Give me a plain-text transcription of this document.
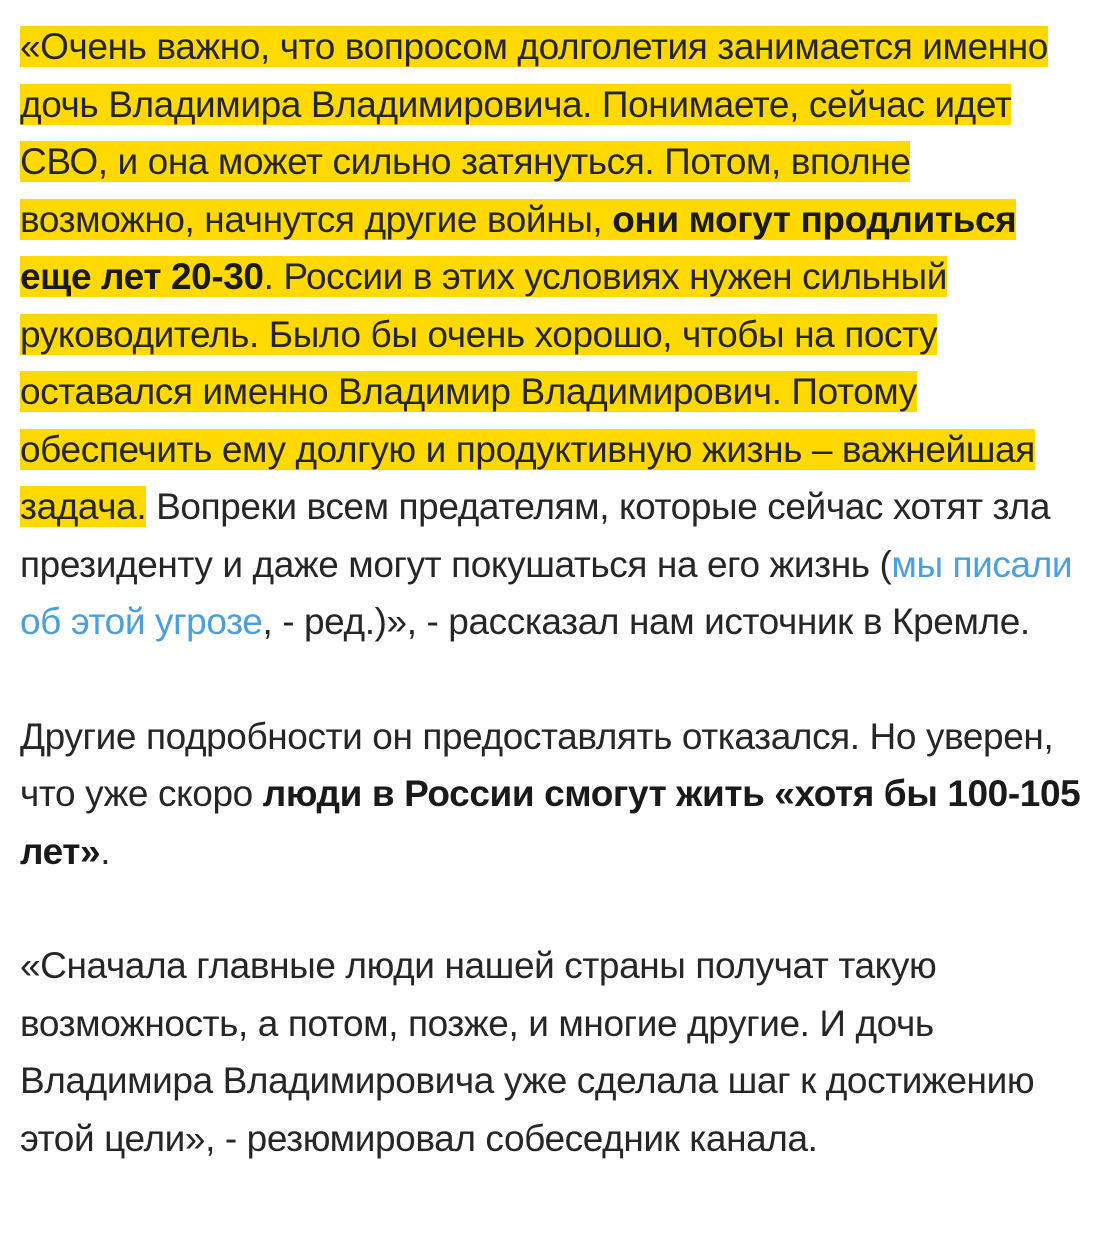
«Очень важно, что вопросом долголетия занимается именно дочь Владимира Владимировича. Понимаете, сейчас идет СВО, и она может сильно затянуться. Потом, вполне возможно, начнутся другие войны, они могут продлиться еще лет 20-30. России в этих условиях нужен сильный руководитель. Было бы очень хорошо, чтобы на посту оставался именно Владимир Владимирович. Потому обеспечить ему долгую и продуктивную жизнь – важнейшая задача. Вопреки всем предателям, которые сейчас хотят зла президенту и даже могут покушаться на его жизнь (мы писали об этой угрозе, - ред.)», - рассказал нам источник в Кремле.

Другие подробности он предоставлять отказался. Но уверен, что уже скоро люди в России смогут жить «хотя бы 100-105 лет».

«Сначала главные люди нашей страны получат такую возможность, а потом, позже, и многие другие. И дочь Владимира Владимировича уже сделала шаг к достижению этой цели», - резюмировал собеседник канала.
